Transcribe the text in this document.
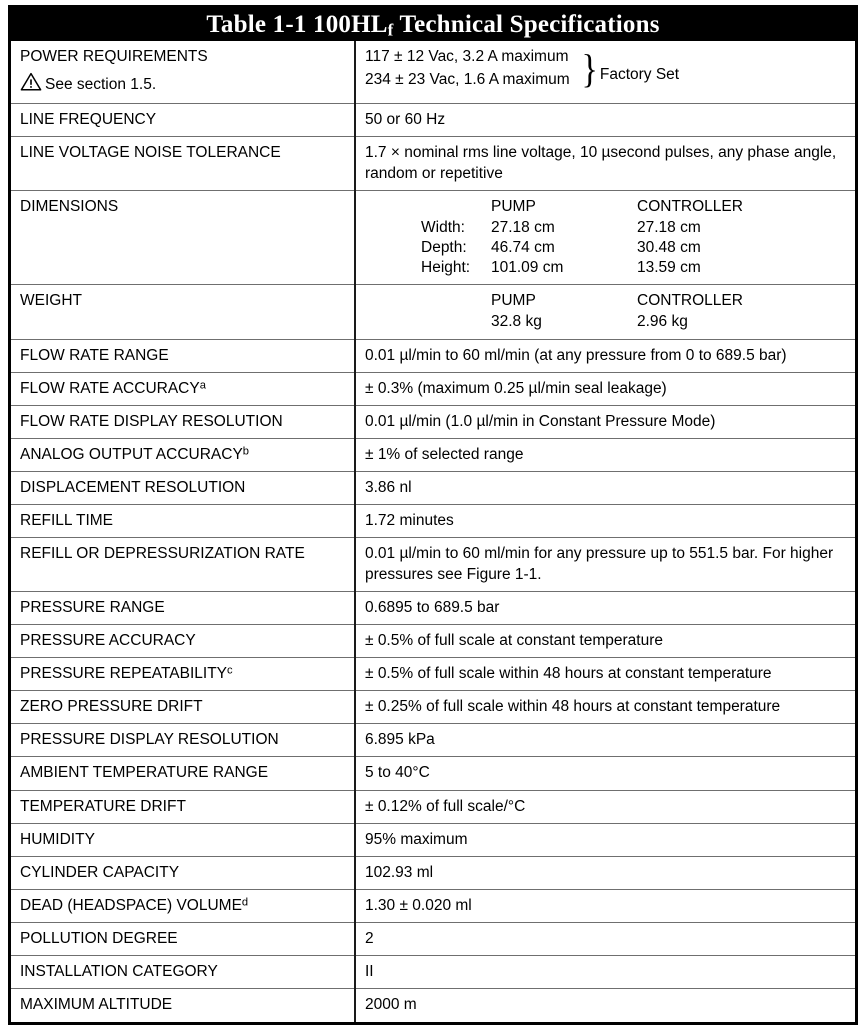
Table 1-1 $100HL_f$ Technical Specifications
POWER REQUIREMENTS
See section 1.5.

117 ± 12 Vac, 3.2 A maximum
234 ± 23 Vac, 1.6 A maximum } Factory Set

LINE FREQUENCY	50 or 60 Hz
LINE VOLTAGE NOISE TOLERANCE	1.7 × nominal rms line voltage, 10 µsecond pulses, any phase angle, random or repetitive
DIMENSIONS	
		PUMP	CONTROLLER
Width:	27.18 cm	27.18 cm
Depth:	46.74 cm	30.48 cm
Height:	101.09 cm	13.59 cm

WEIGHT	
		PUMP	CONTROLLER
	32.8 kg	2.96 kg

FLOW RATE RANGE	0.01 µl/min to 60 ml/min (at any pressure from 0 to 689.5 bar)
FLOW RATE ACCURACY$^a$	± 0.3% (maximum 0.25 µl/min seal leakage)
FLOW RATE DISPLAY RESOLUTION	0.01 µl/min (1.0 µl/min in Constant Pressure Mode)
ANALOG OUTPUT ACCURACY$^b$	± 1% of selected range
DISPLACEMENT RESOLUTION	3.86 nl
REFILL TIME	1.72 minutes
REFILL OR DEPRESSURIZATION RATE	0.01 µl/min to 60 ml/min for any pressure up to 551.5 bar. For higher pressures see Figure 1-1.
PRESSURE RANGE	0.6895 to 689.5 bar
PRESSURE ACCURACY	± 0.5% of full scale at constant temperature
PRESSURE REPEATABILITY$^c$	± 0.5% of full scale within 48 hours at constant temperature
ZERO PRESSURE DRIFT	± 0.25% of full scale within 48 hours at constant temperature
PRESSURE DISPLAY RESOLUTION	6.895 kPa
AMBIENT TEMPERATURE RANGE	5 to 40°C
TEMPERATURE DRIFT	± 0.12% of full scale/°C
HUMIDITY	95% maximum
CYLINDER CAPACITY	102.93 ml
DEAD (HEADSPACE) VOLUME$^d$	1.30 ± 0.020 ml
POLLUTION DEGREE	2
INSTALLATION CATEGORY	II
MAXIMUM ALTITUDE	2000 m
